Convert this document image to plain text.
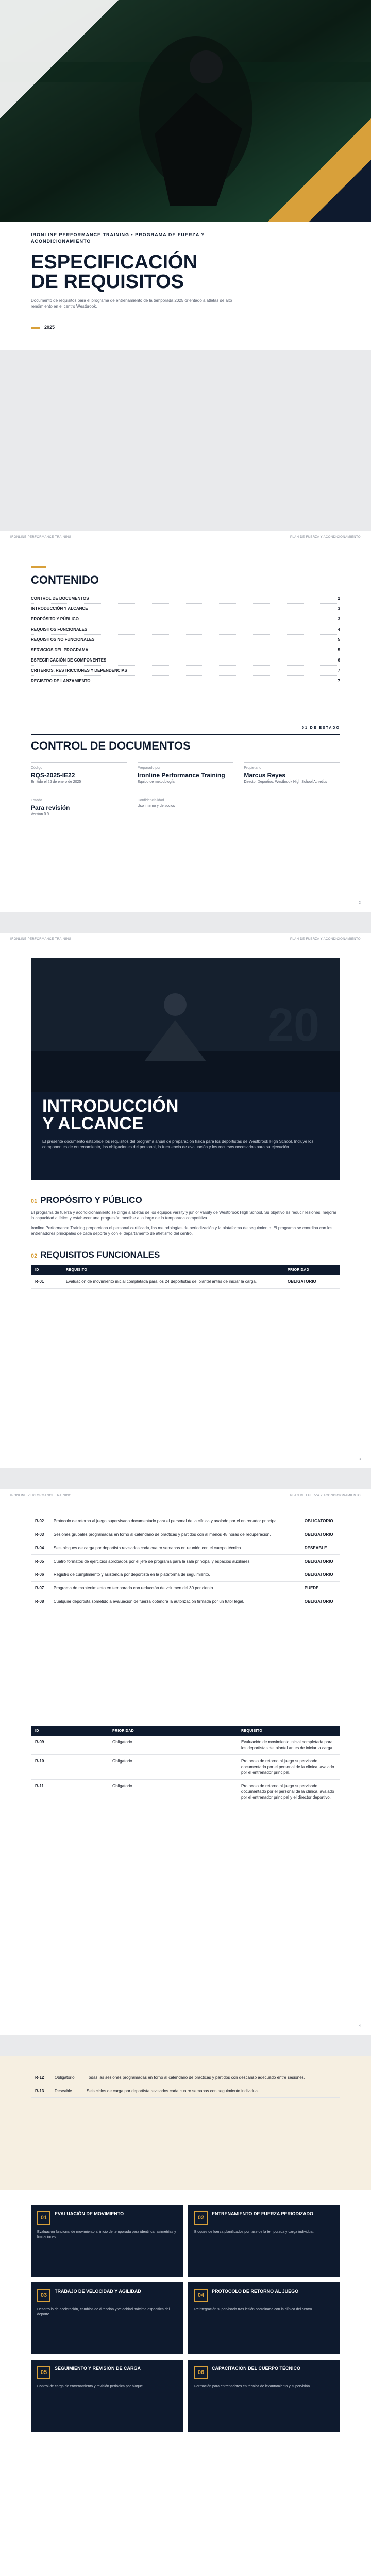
IRONLINE PERFORMANCE TRAINING • PROGRAMA DE FUERZA Y ACONDICIONAMIENTO
ESPECIFICACIÓN
DE REQUISITOS
Documento de requisitos para el programa de entrenamiento de la temporada 2025 orientado a atletas de alto rendimiento en el centro Westbrook.
2025
IRONLINE PERFORMANCE TRAINING	PLAN DE FUERZA Y ACONDICIONAMIENTO
CONTENIDO
CONTROL DE DOCUMENTOS	2
INTRODUCCIÓN Y ALCANCE	3
PROPÓSITO Y PÚBLICO	3
REQUISITOS FUNCIONALES	4
REQUISITOS NO FUNCIONALES	5
SERVICIOS DEL PROGRAMA	5
ESPECIFICACIÓN DE COMPONENTES	6
CRITERIOS, RESTRICCIONES Y DEPENDENCIAS	7
REGISTRO DE LANZAMIENTO	7
01 DE ESTADO
CONTROL DE DOCUMENTOS
Código
RQS-2025-IE22
Emitido el 26 de enero de 2025
Preparado por
Ironline Performance Training
Equipo de metodología
Propietario
Marcus Reyes
Director Deportivo, Westbrook High School Athletics
Estado
Para revisión
Versión 0.9
Confidencialidad
Uso interno y de socios
2
IRONLINE PERFORMANCE TRAINING	PLAN DE FUERZA Y ACONDICIONAMIENTO
20
INTRODUCCIÓN
Y ALCANCE
El presente documento establece los requisitos del programa anual de preparación física para los deportistas de Westbrook High School. Incluye los componentes de entrenamiento, las obligaciones del personal, la frecuencia de evaluación y los recursos necesarios para su ejecución.
01 PROPÓSITO Y PÚBLICO

El programa de fuerza y acondicionamiento se dirige a atletas de los equipos varsity y junior varsity de Westbrook High School. Su objetivo es reducir lesiones, mejorar la capacidad atlética y establecer una progresión medible a lo largo de la temporada competitiva.

Ironline Performance Training proporciona el personal certificado, las metodologías de periodización y la plataforma de seguimiento. El programa se coordina con los entrenadores principales de cada deporte y con el departamento de atletismo del centro.

02 REQUISITOS FUNCIONALES
ID	REQUISITO	PRIORIDAD
R-01	Evaluación de movimiento inicial completada para los 24 deportistas del plantel antes de iniciar la carga.	OBLIGATORIO
3
IRONLINE PERFORMANCE TRAINING	PLAN DE FUERZA Y ACONDICIONAMIENTO
R-02	Protocolo de retorno al juego supervisado documentado para el personal de la clínica y avalado por el entrenador principal.	OBLIGATORIO
R-03	Sesiones grupales programadas en torno al calendario de prácticas y partidos con al menos 48 horas de recuperación.	OBLIGATORIO
R-04	Seis bloques de carga por deportista revisados cada cuatro semanas en reunión con el cuerpo técnico.	DESEABLE
R-05	Cuatro formatos de ejercicios aprobados por el jefe de programa para la sala principal y espacios auxiliares.	OBLIGATORIO
R-06	Registro de cumplimiento y asistencia por deportista en la plataforma de seguimiento.	OBLIGATORIO
R-07	Programa de mantenimiento en temporada con reducción de volumen del 30 por ciento.	PUEDE
R-08	Cualquier deportista sometido a evaluación de fuerza obtendrá la autorización firmada por un tutor legal.	OBLIGATORIO
ID	PRIORIDAD	REQUISITO
R-09	Obligatorio	Evaluación de movimiento inicial completada para los deportistas del plantel antes de iniciar la carga.
R-10	Obligatorio	Protocolo de retorno al juego supervisado documentado por el personal de la clínica, avalado por el entrenador principal.
R-11	Obligatorio	Protocolo de retorno al juego supervisado documentado por el personal de la clínica, avalado por el entrenador principal y el director deportivo.
4
R-12	Obligatorio	Todas las sesiones programadas en torno al calendario de prácticas y partidos con descanso adecuado entre sesiones.
R-13	Deseable	Seis ciclos de carga por deportista revisados cada cuatro semanas con seguimiento individual.
01
EVALUACIÓN DE MOVIMIENTO
Evaluación funcional de movimiento al inicio de temporada para identificar asimetrías y limitaciones.
02
ENTRENAMIENTO DE FUERZA PERIODIZADO
Bloques de fuerza planificados por fase de la temporada y carga individual.
03
TRABAJO DE VELOCIDAD Y AGILIDAD
Desarrollo de aceleración, cambios de dirección y velocidad máxima específica del deporte.
04
PROTOCOLO DE RETORNO AL JUEGO
Reintegración supervisada tras lesión coordinada con la clínica del centro.
05
SEGUIMIENTO Y REVISIÓN DE CARGA
Control de carga de entrenamiento y revisión periódica por bloque.
06
CAPACITACIÓN DEL CUERPO TÉCNICO
Formación para entrenadores en técnica de levantamiento y supervisión.
